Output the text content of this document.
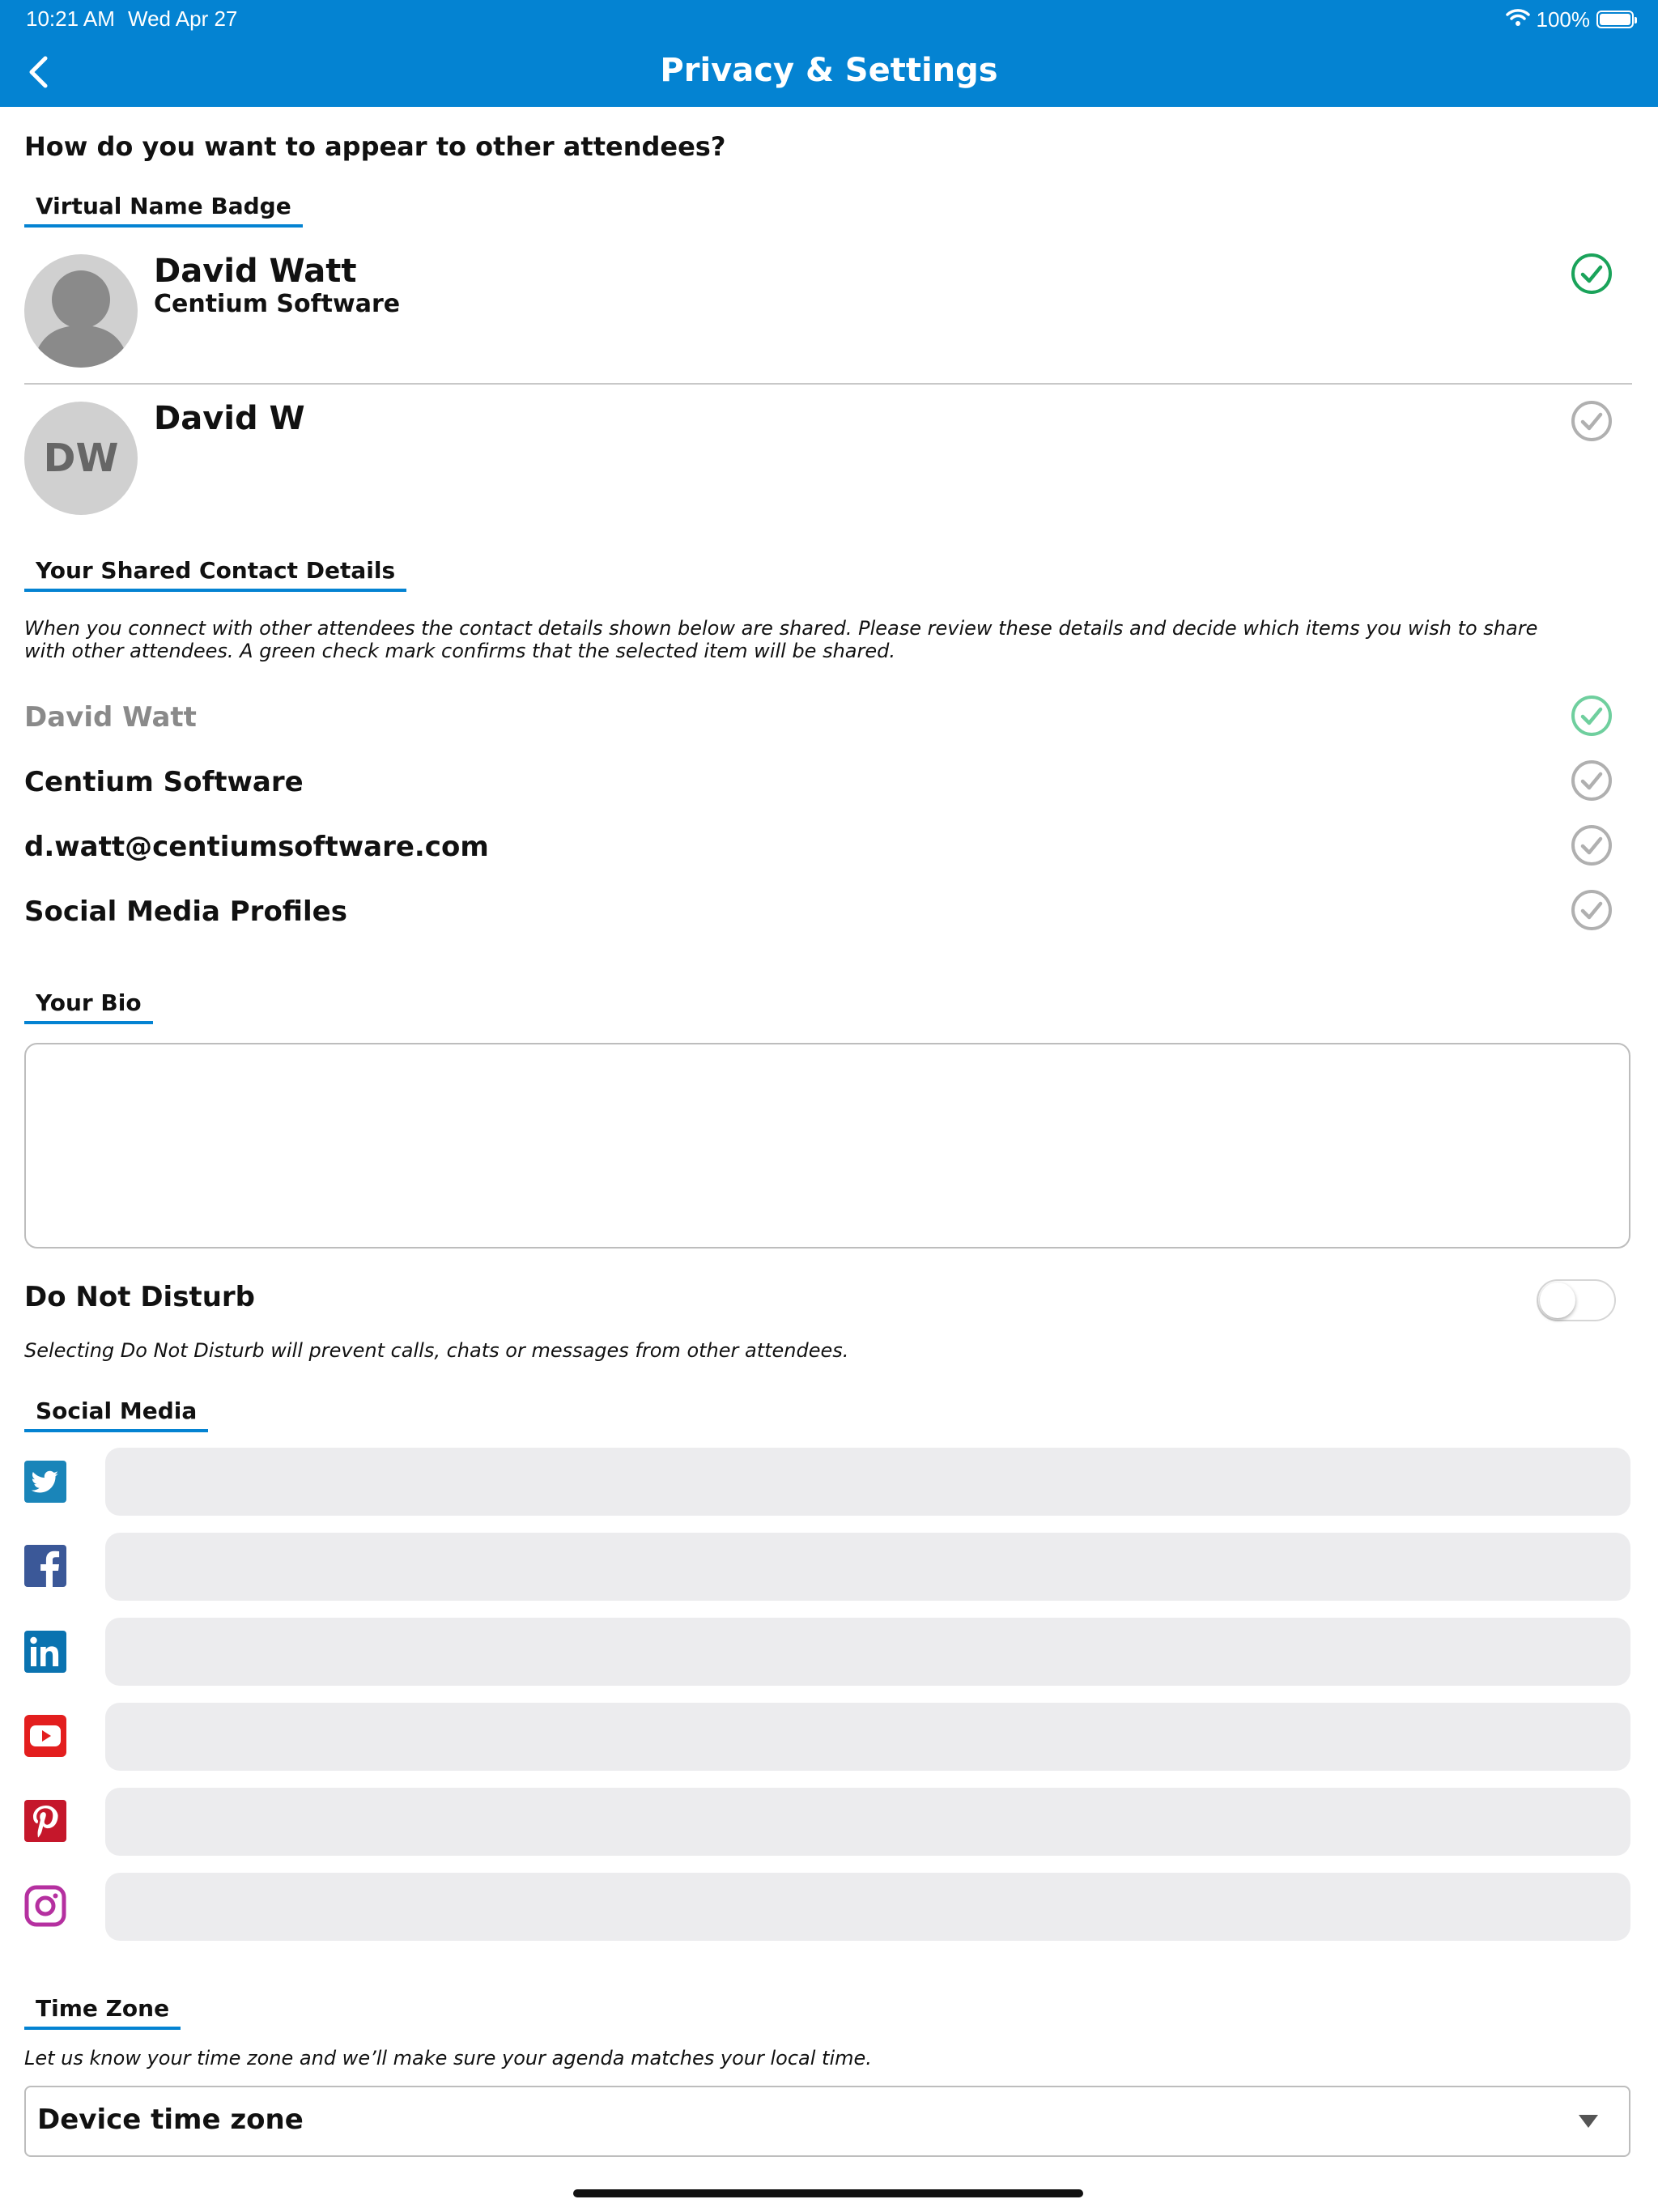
10:21 AM Wed Apr 27	100%
Privacy & Settings
How do you want to appear to other attendees?
Virtual Name Badge
David Watt
Centium Software
DW
David W
Your Shared Contact Details
When you connect with other attendees the contact details shown below are shared. Please review these details and decide which items you wish to share with other attendees. A green check mark confirms that the selected item will be shared.
David Watt
Centium Software
d.watt@centiumsoftware.com
Social Media Profiles
Your Bio
Do Not Disturb
Selecting Do Not Disturb will prevent calls, chats or messages from other attendees.
Social Media
Time Zone
Let us know your time zone and we’ll make sure your agenda matches your local time.
Device time zone
